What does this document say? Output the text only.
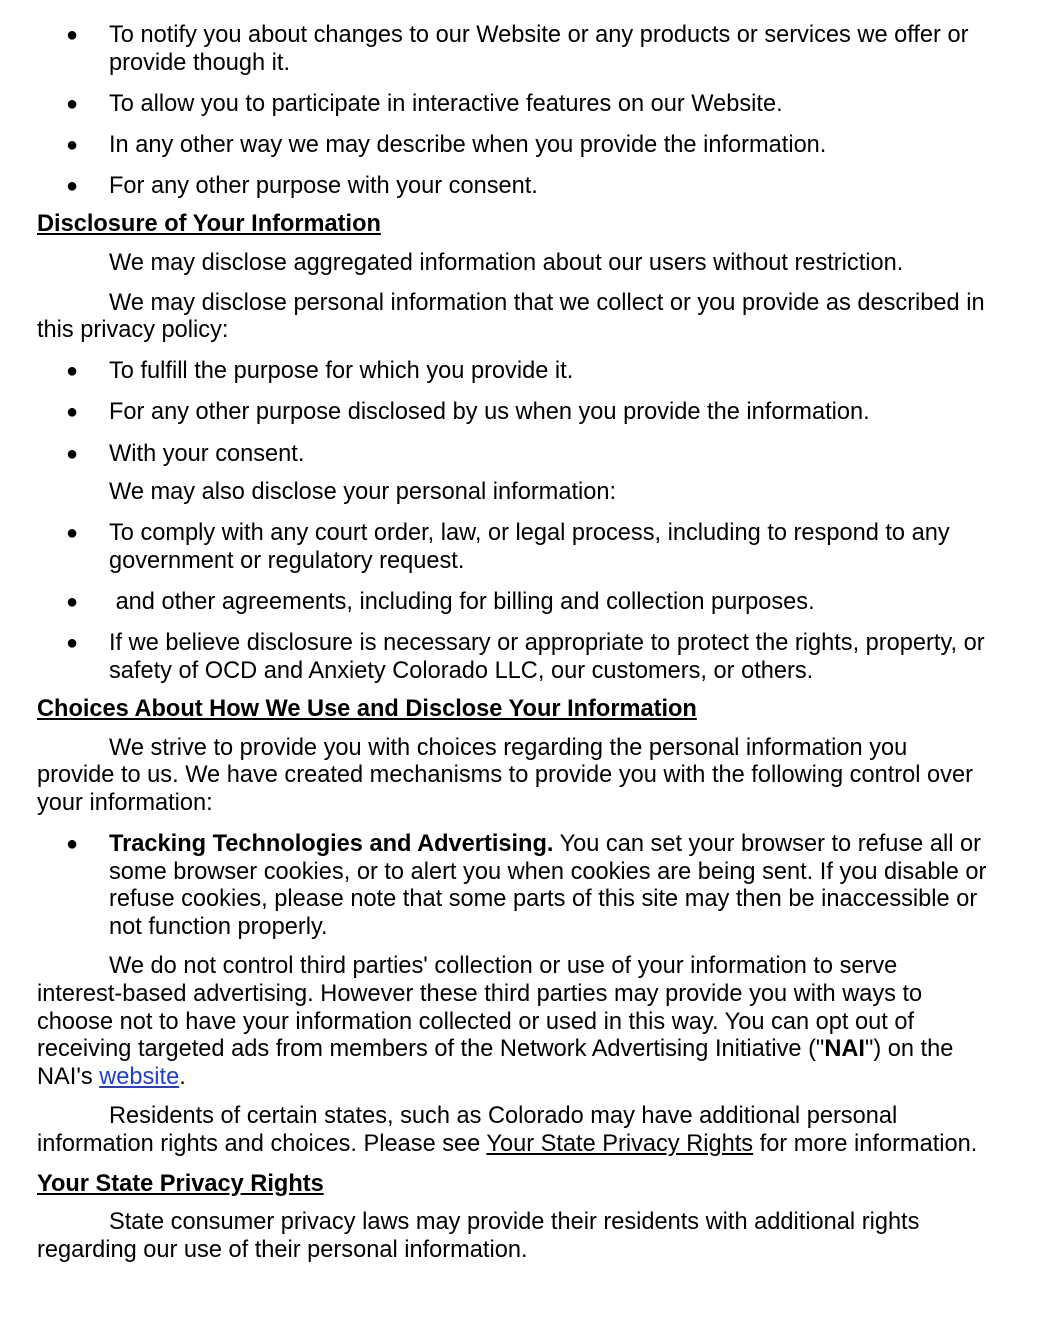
● To notify you about changes to our Website or any products or services we offer or provide though it.
● To allow you to participate in interactive features on our Website.
● In any other way we may describe when you provide the information.
● For any other purpose with your consent.
Disclosure of Your Information

We may disclose aggregated information about our users without restriction.

We may disclose personal information that we collect or you provide as described in this privacy policy:

● To fulfill the purpose for which you provide it.
● For any other purpose disclosed by us when you provide the information.
● With your consent.

We may also disclose your personal information:

● To comply with any court order, law, or legal process, including to respond to any government or regulatory request.
● and other agreements, including for billing and collection purposes.
● If we believe disclosure is necessary or appropriate to protect the rights, property, or safety of OCD and Anxiety Colorado LLC, our customers, or others.
Choices About How We Use and Disclose Your Information

We strive to provide you with choices regarding the personal information you provide to us. We have created mechanisms to provide you with the following control over your information:

● Tracking Technologies and Advertising. You can set your browser to refuse all or some browser cookies, or to alert you when cookies are being sent. If you disable or refuse cookies, please note that some parts of this site may then be inaccessible or not function properly.

We do not control third parties' collection or use of your information to serve interest-based advertising. However these third parties may provide you with ways to choose not to have your information collected or used in this way. You can opt out of receiving targeted ads from members of the Network Advertising Initiative ("NAI") on the NAI's website.

Residents of certain states, such as Colorado may have additional personal information rights and choices. Please see Your State Privacy Rights for more information.

Your State Privacy Rights

State consumer privacy laws may provide their residents with additional rights regarding our use of their personal information.
